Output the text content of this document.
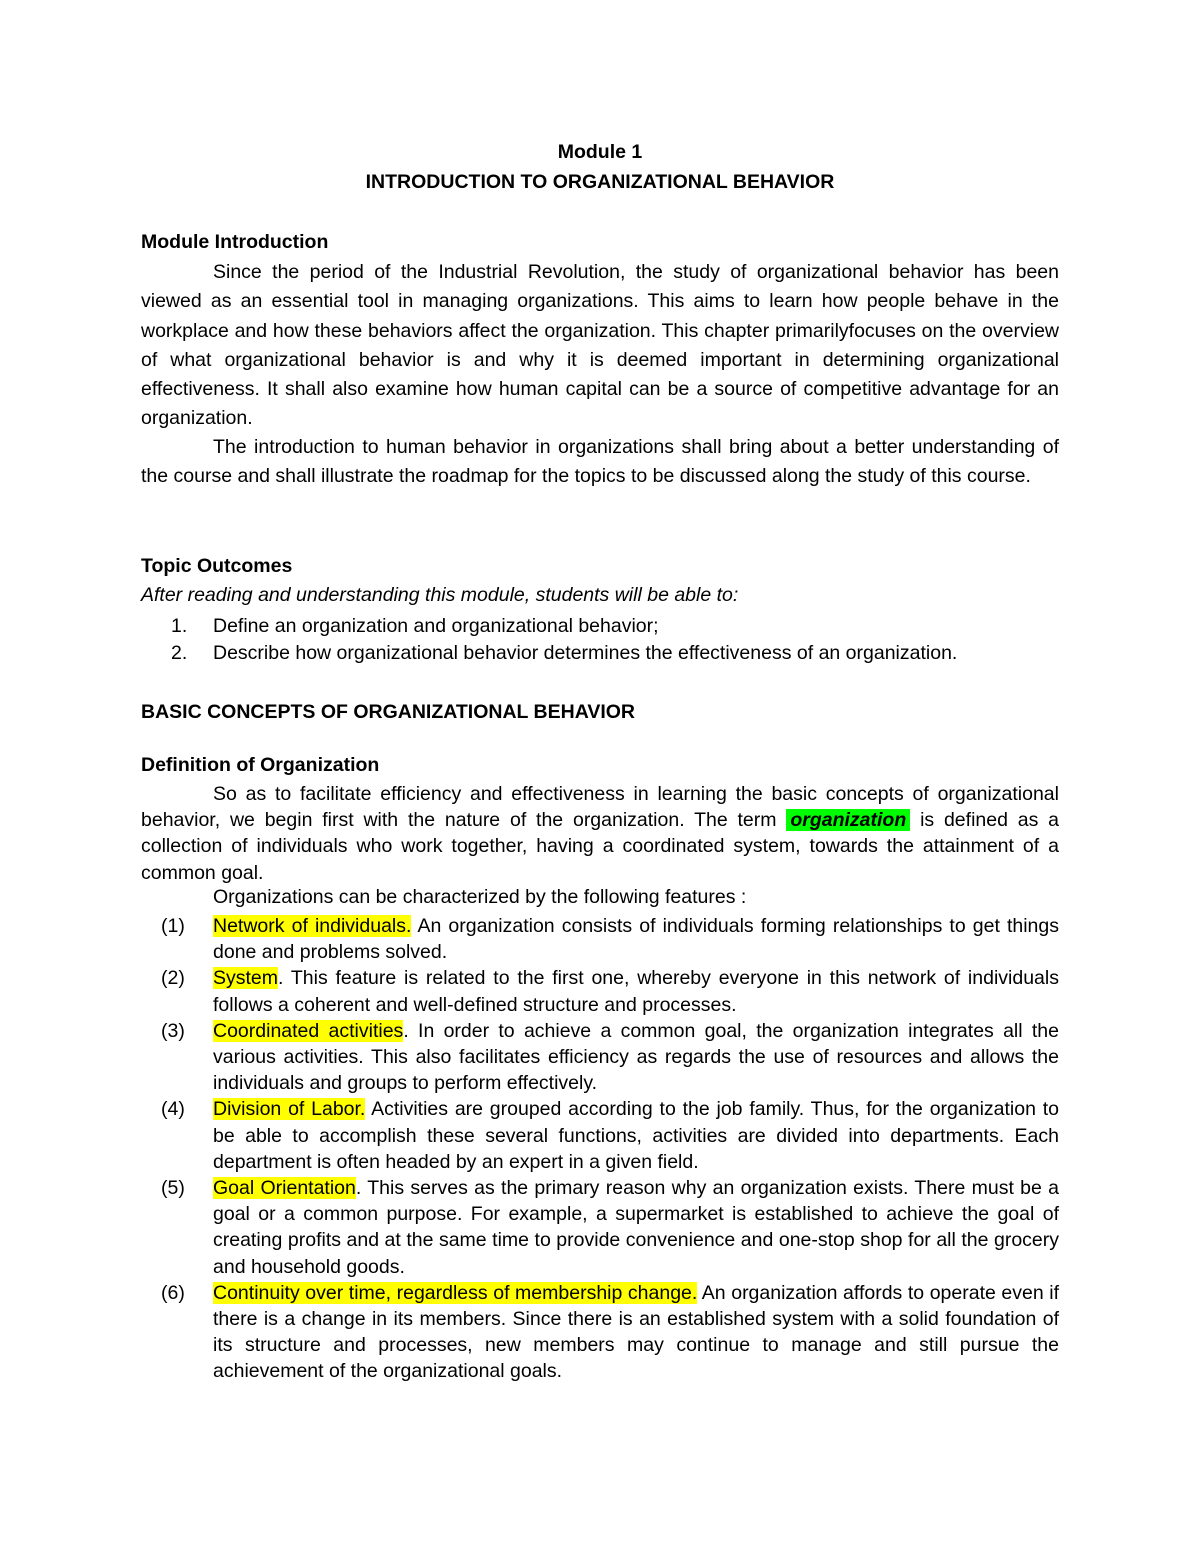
Module 1
INTRODUCTION TO ORGANIZATIONAL BEHAVIOR
Module Introduction
Since the period of the Industrial Revolution, the study of organizational behavior has been viewed as an essential tool in managing organizations. This aims to learn how people behave in the workplace and how these behaviors affect the organization. This chapter primarilyfocuses on the overview of what organizational behavior is and why it is deemed important in determining organizational effectiveness. It shall also examine how human capital can be a source of competitive advantage for an organization.
The introduction to human behavior in organizations shall bring about a better understanding of the course and shall illustrate the roadmap for the topics to be discussed along the study of this course.
Topic Outcomes
After reading and understanding this module, students will be able to:
1. Define an organization and organizational behavior;
2. Describe how organizational behavior determines the effectiveness of an organization.
BASIC CONCEPTS OF ORGANIZATIONAL BEHAVIOR
Definition of Organization
So as to facilitate efficiency and effectiveness in learning the basic concepts of organizational behavior, we begin first with the nature of the organization. The term organization is defined as a collection of individuals who work together, having a coordinated system, towards the attainment of a common goal.
Organizations can be characterized by the following features :
(1) Network of individuals. An organization consists of individuals forming relationships to get things done and problems solved.
(2) System. This feature is related to the first one, whereby everyone in this network of individuals follows a coherent and well-defined structure and processes.
(3) Coordinated activities. In order to achieve a common goal, the organization integrates all the various activities. This also facilitates efficiency as regards the use of resources and allows the individuals and groups to perform effectively.
(4) Division of Labor. Activities are grouped according to the job family. Thus, for the organization to be able to accomplish these several functions, activities are divided into departments. Each department is often headed by an expert in a given field.
(5) Goal Orientation. This serves as the primary reason why an organization exists. There must be a goal or a common purpose. For example, a supermarket is established to achieve the goal of creating profits and at the same time to provide convenience and one-stop shop for all the grocery and household goods.
(6) Continuity over time, regardless of membership change. An organization affords to operate even if there is a change in its members. Since there is an established system with a solid foundation of its structure and processes, new members may continue to manage and still pursue the achievement of the organizational goals.
